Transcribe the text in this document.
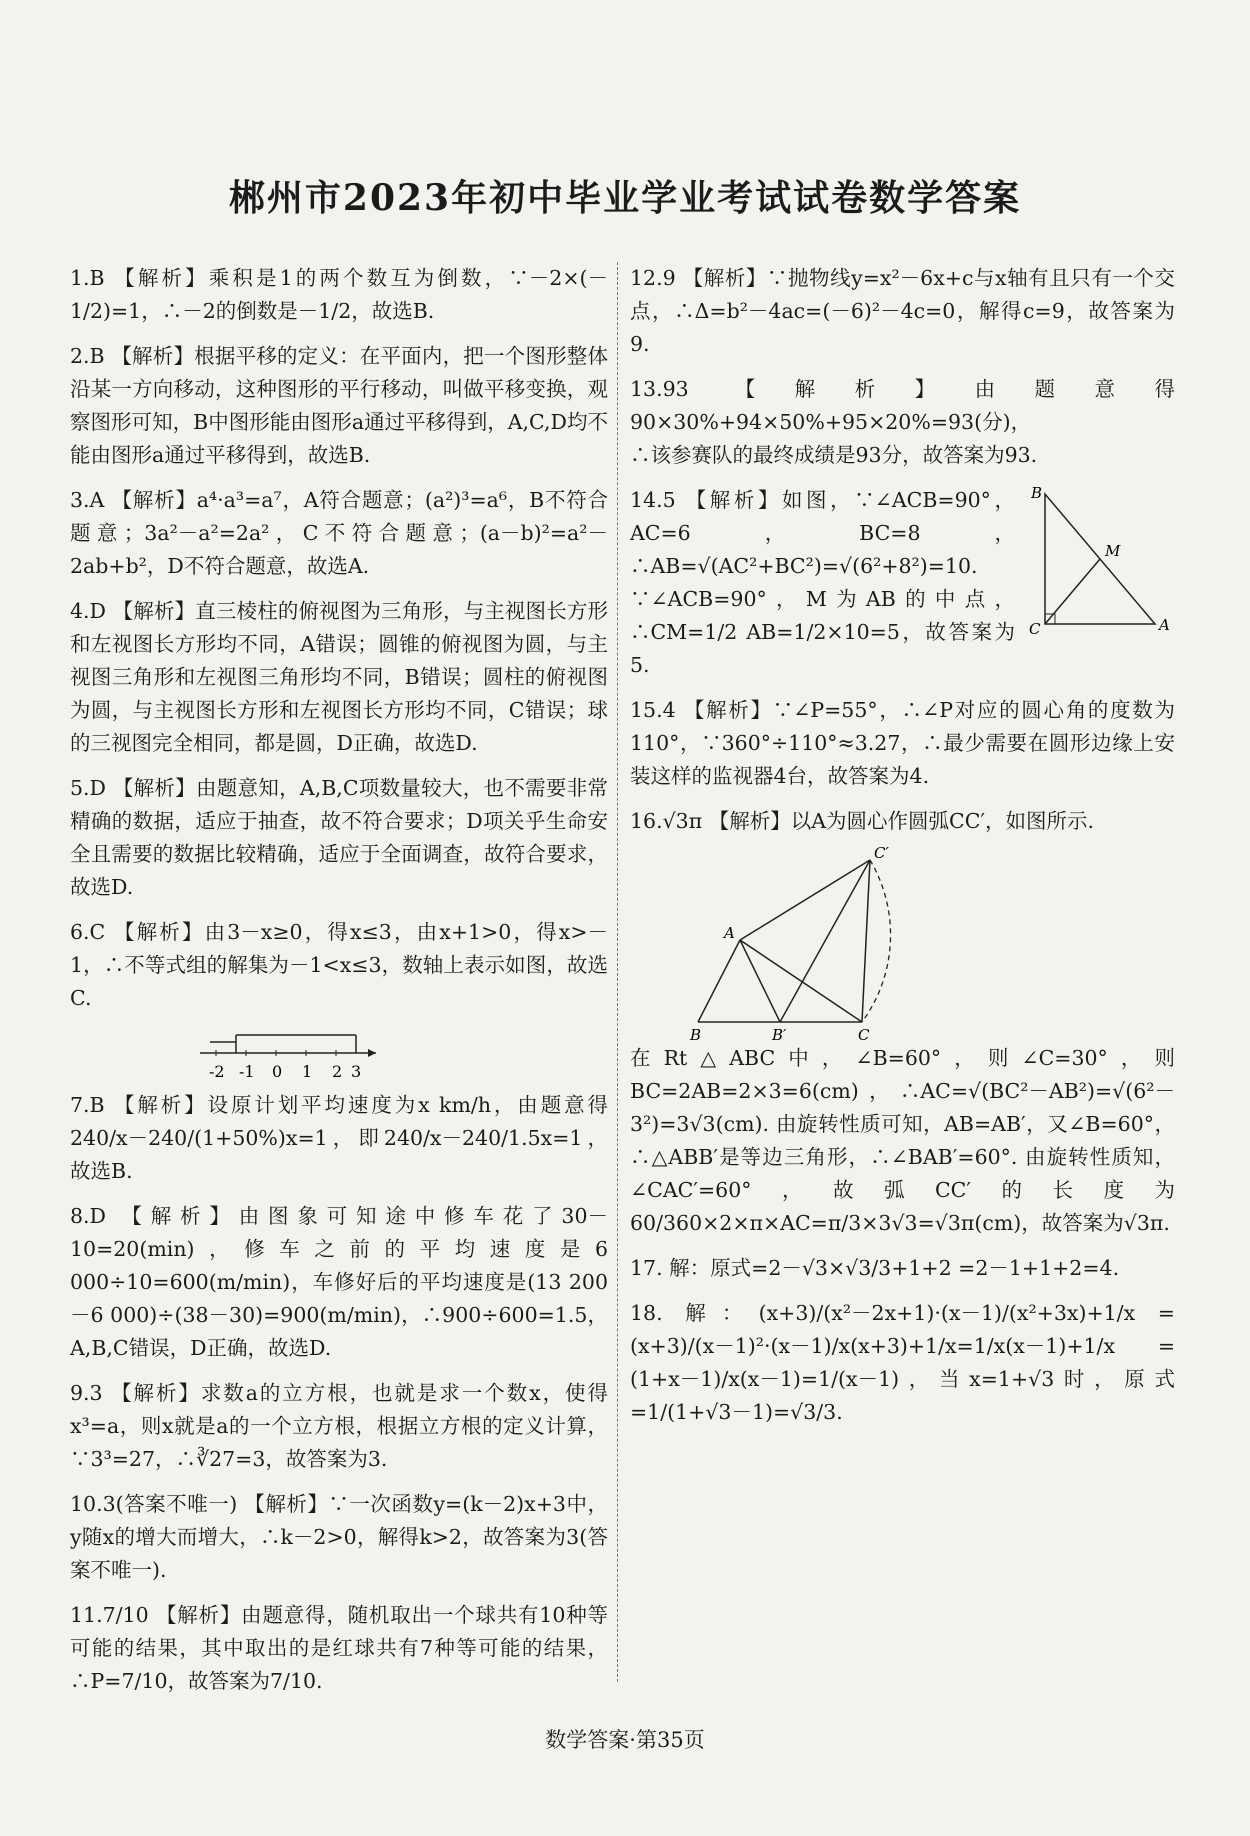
郴州市2023年初中毕业学业考试试卷数学答案

1.B 【解析】乘积是1的两个数互为倒数，∵－2×(－1/2)=1，∴－2的倒数是－1/2，故选B.

2.B 【解析】根据平移的定义：在平面内，把一个图形整体沿某一方向移动，这种图形的平行移动，叫做平移变换，观察图形可知，B中图形能由图形a通过平移得到，A,C,D均不能由图形a通过平移得到，故选B.

3.A 【解析】a⁴·a³=a⁷，A符合题意；(a²)³=a⁶，B不符合题意；3a²－a²=2a²，C不符合题意；(a－b)²=a²－2ab+b²，D不符合题意，故选A.

4.D 【解析】直三棱柱的俯视图为三角形，与主视图长方形和左视图长方形均不同，A错误；圆锥的俯视图为圆，与主视图三角形和左视图三角形均不同，B错误；圆柱的俯视图为圆，与主视图长方形和左视图长方形均不同，C错误；球的三视图完全相同，都是圆，D正确，故选D.

5.D 【解析】由题意知，A,B,C项数量较大，也不需要非常精确的数据，适应于抽查，故不符合要求；D项关乎生命安全且需要的数据比较精确，适应于全面调查，故符合要求，故选D.

6.C 【解析】由3－x≥0，得x≤3，由x+1>0，得x>－1，∴不等式组的解集为－1<x≤3，数轴上表示如图，故选C.

-2 -1 0 1 2 3

7.B 【解析】设原计划平均速度为x km/h，由题意得 240/x－240/(1+50%)x=1，即240/x－240/1.5x=1，故选B.

8.D 【解析】由图象可知途中修车花了30－10=20(min)，修车之前的平均速度是6 000÷10=600(m/min)，车修好后的平均速度是(13 200－6 000)÷(38－30)=900(m/min)，∴900÷600=1.5，A,B,C错误，D正确，故选D.

9.3 【解析】求数a的立方根，也就是求一个数x，使得x³=a，则x就是a的一个立方根，根据立方根的定义计算，∵3³=27，∴∛27=3，故答案为3.

10.3(答案不唯一) 【解析】∵一次函数y=(k－2)x+3中，y随x的增大而增大，∴k－2>0，解得k>2，故答案为3(答案不唯一).

11.7/10 【解析】由题意得，随机取出一个球共有10种等可能的结果，其中取出的是红球共有7种等可能的结果，∴P=7/10，故答案为7/10.

12.9 【解析】∵抛物线y=x²－6x+c与x轴有且只有一个交点，∴Δ=b²－4ac=(－6)²－4c=0，解得c=9，故答案为9.

13.93 【解析】由题意得90×30%+94×50%+95×20%=93(分)，

∴该参赛队的最终成绩是93分，故答案为93.

B
M
C	A

14.5 【解析】如图，∵∠ACB=90°，AC=6，BC=8，∴AB=√(AC²+BC²)=√(6²+8²)=10. ∵∠ACB=90°，M为AB的中点，∴CM=1/2 AB=1/2×10=5，故答案为5.

15.4 【解析】∵∠P=55°，∴∠P对应的圆心角的度数为110°，∵360°÷110°≈3.27，∴最少需要在圆形边缘上安装这样的监视器4台，故答案为4.

16.√3π 【解析】以A为圆心作圆弧CC′，如图所示.

C′
A
B	B′	C

在Rt△ABC中，∠B=60°，则∠C=30°，则BC=2AB=2×3=6(cm)，∴AC=√(BC²－AB²)=√(6²－3²)=3√3(cm). 由旋转性质可知，AB=AB′，又∠B=60°，∴△ABB′是等边三角形，∴∠BAB′=60°. 由旋转性质知，∠CAC′=60°，故弧CC′的长度为60/360×2×π×AC=π/3×3√3=√3π(cm)，故答案为√3π.

17. 解：原式=2－√3×√3/3+1+2 =2－1+1+2=4.

18. 解：(x+3)/(x²－2x+1)·(x－1)/(x²+3x)+1/x =(x+3)/(x－1)²·(x－1)/x(x+3)+1/x=1/x(x－1)+1/x =(1+x－1)/x(x－1)=1/(x－1)，当x=1+√3时，原式=1/(1+√3－1)=√3/3.

数学答案·第35页
